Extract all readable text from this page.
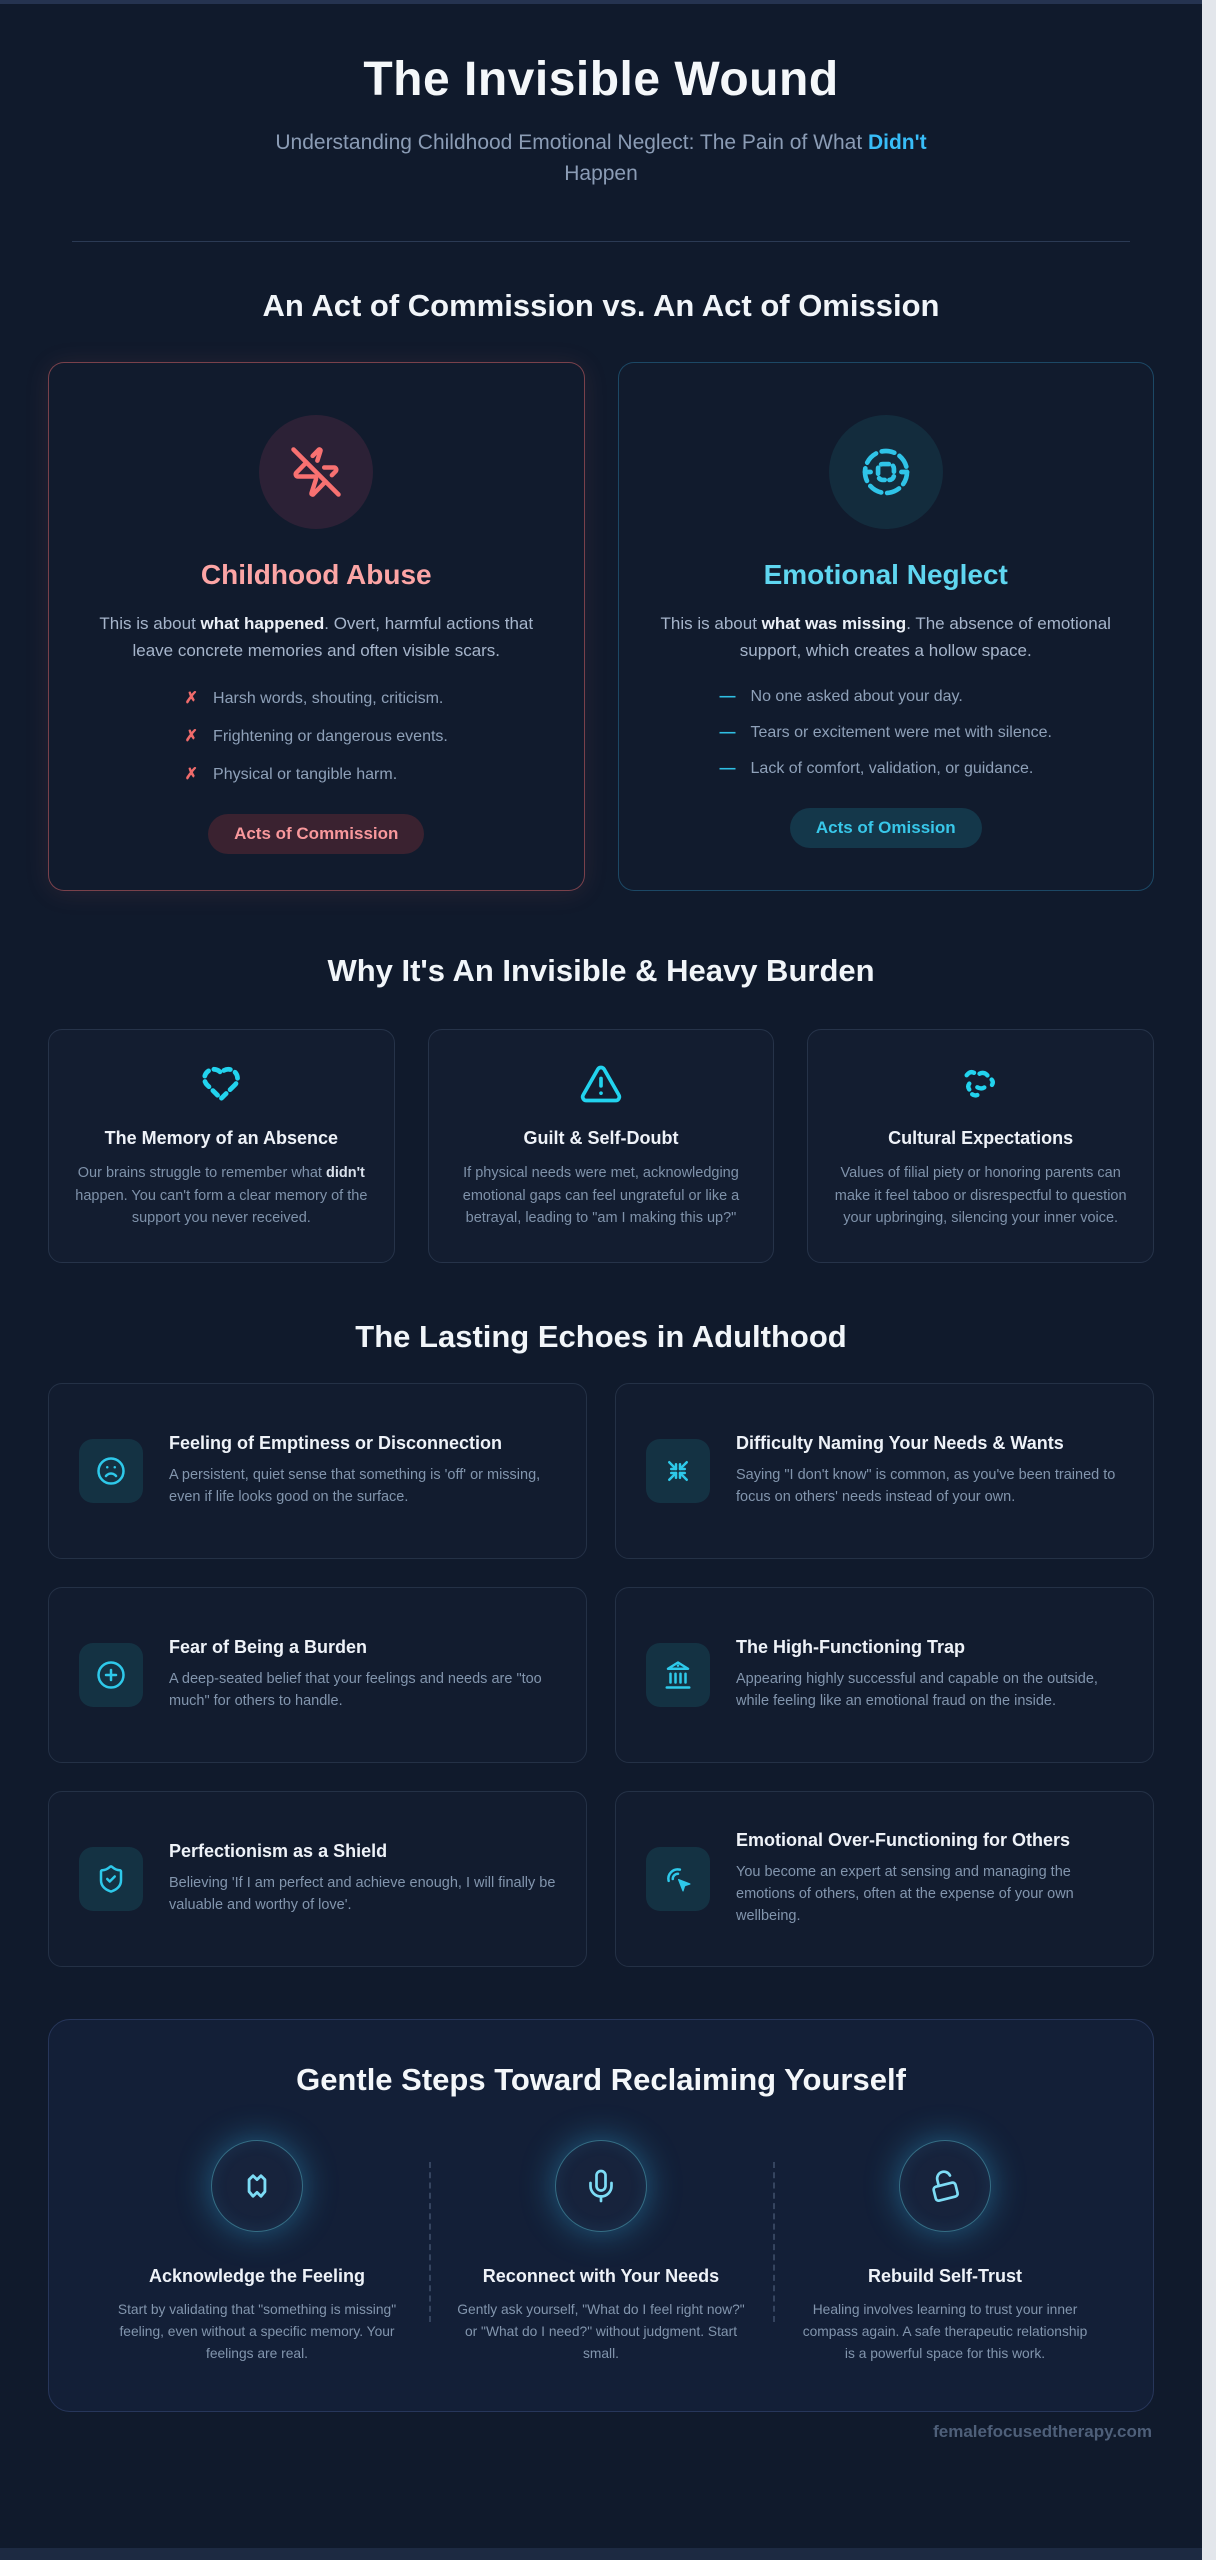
The Invisible Wound

Understanding Childhood Emotional Neglect: The Pain of What Didn't Happen

An Act of Commission vs. An Act of Omission
Childhood Abuse

This is about what happened. Overt, harmful actions that leave concrete memories and often visible scars.

✗ Harsh words, shouting, criticism.
✗ Frightening or dangerous events.
✗ Physical or tangible harm.
Acts of Commission
Emotional Neglect

This is about what was missing. The absence of emotional support, which creates a hollow space.

— No one asked about your day.
— Tears or excitement were met with silence.
— Lack of comfort, validation, or guidance.
Acts of Omission
Why It's An Invisible & Heavy Burden
The Memory of an Absence

Our brains struggle to remember what didn't happen. You can't form a clear memory of the support you never received.

Guilt & Self-Doubt

If physical needs were met, acknowledging emotional gaps can feel ungrateful or like a betrayal, leading to "am I making this up?"

Cultural Expectations

Values of filial piety or honoring parents can make it feel taboo or disrespectful to question your upbringing, silencing your inner voice.

The Lasting Echoes in Adulthood
Feeling of Emptiness or Disconnection

A persistent, quiet sense that something is 'off' or missing, even if life looks good on the surface.

Difficulty Naming Your Needs & Wants

Saying "I don't know" is common, as you've been trained to focus on others' needs instead of your own.

Fear of Being a Burden

A deep-seated belief that your feelings and needs are "too much" for others to handle.

The High-Functioning Trap

Appearing highly successful and capable on the outside, while feeling like an emotional fraud on the inside.

Perfectionism as a Shield

Believing 'If I am perfect and achieve enough, I will finally be valuable and worthy of love'.

Emotional Over-Functioning for Others

You become an expert at sensing and managing the emotions of others, often at the expense of your own wellbeing.

Gentle Steps Toward Reclaiming Yourself
Acknowledge the Feeling

Start by validating that "something is missing" feeling, even without a specific memory. Your feelings are real.

Reconnect with Your Needs

Gently ask yourself, "What do I feel right now?" or "What do I need?" without judgment. Start small.

Rebuild Self-Trust

Healing involves learning to trust your inner compass again. A safe therapeutic relationship is a powerful space for this work.

femalefocusedtherapy.com
